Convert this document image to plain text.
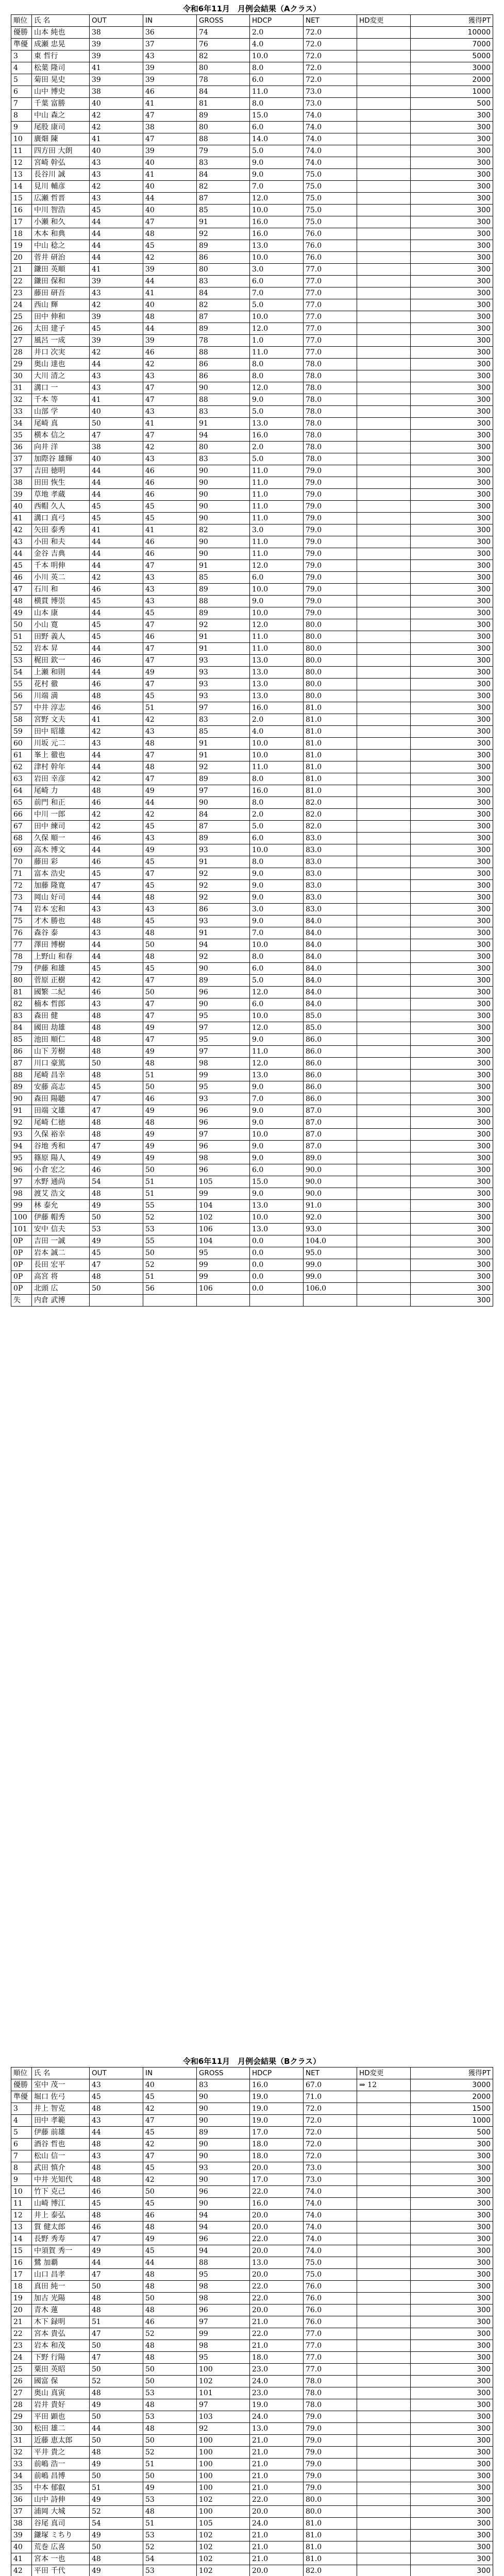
令和6年11月　月例会結果（Aクラス）
順位	氏 名	OUT	IN	GROSS	HDCP	NET	HD変更	獲得PT
優勝	山本 純也	38	36	74	2.0	72.0		10000
準優	成瀬 忠晃	39	37	76	4.0	72.0		7000
3	東 哲行	39	43	82	10.0	72.0		5000
4	松葉 隆司	41	39	80	8.0	72.0		3000
5	菊田 晃史	39	39	78	6.0	72.0		2000
6	山中 博史	38	46	84	11.0	73.0		1000
7	千葉 富勝	40	41	81	8.0	73.0		500
8	中山 森之	42	47	89	15.0	74.0		300
9	尾股 康司	42	38	80	6.0	74.0		300
10	廣畑 陳	41	47	88	14.0	74.0		300
11	四方田 大朗	40	39	79	5.0	74.0		300
12	宮崎 幹弘	43	40	83	9.0	74.0		300
13	長谷川 誠	43	41	84	9.0	75.0		300
14	見川 輔彦	42	40	82	7.0	75.0		300
15	広瀬 哲晋	43	44	87	12.0	75.0		300
16	中川 智浩	45	40	85	10.0	75.0		300
17	小瀬 和久	44	47	91	16.0	75.0		300
18	木本 和典	44	48	92	16.0	76.0		300
19	中山 稔之	44	45	89	13.0	76.0		300
20	菅井 研治	44	42	86	10.0	76.0		300
21	鎌田 英順	41	39	80	3.0	77.0		300
22	鎌田 保和	39	44	83	6.0	77.0		300
23	藤田 研吾	43	41	84	7.0	77.0		300
24	西山 輝	42	40	82	5.0	77.0		300
25	田中 伸和	39	48	87	10.0	77.0		300
26	太田 建子	45	44	89	12.0	77.0		300
27	風呂 一成	39	39	78	1.0	77.0		300
28	井口 次実	42	46	88	11.0	77.0		300
29	奥山 達也	44	42	86	8.0	78.0		300
30	大川 清之	43	43	86	8.0	78.0		300
31	溝口 一	43	47	90	12.0	78.0		300
32	千本 等	41	47	88	9.0	78.0		300
33	山部 学	40	43	83	5.0	78.0		300
34	尾崎 真	50	41	91	13.0	78.0		300
35	横本 信之	47	47	94	16.0	78.0		300
36	向井 洋	38	42	80	2.0	78.0		300
37	加際谷 雄輝	40	43	83	5.0	78.0		300
37	吉田 徳明	44	46	90	11.0	79.0		300
38	田田 恢生	44	46	90	11.0	79.0		300
39	草地 孝蔵	44	46	90	11.0	79.0		300
40	西帽 久人	45	45	90	11.0	79.0		300
41	溝口 真弓	45	45	90	11.0	79.0		300
42	矢田 泰秀	41	41	82	3.0	79.0		300
43	小田 和夫	44	46	90	11.0	79.0		300
44	金谷 吉典	44	46	90	11.0	79.0		300
45	千本 明伸	44	47	91	12.0	79.0		300
46	小川 英二	42	43	85	6.0	79.0		300
47	石川 和	46	43	89	10.0	79.0		300
48	横貫 博崇	45	43	88	9.0	79.0		300
49	山本 康	44	45	89	10.0	79.0		300
50	小山 寛	45	47	92	12.0	80.0		300
51	田野 義人	45	46	91	11.0	80.0		300
52	岩本 昇	44	47	91	11.0	80.0		300
53	梶田 欽一	46	47	93	13.0	80.0		300
54	上瀬 和則	44	49	93	13.0	80.0		300
55	花村 徹	46	47	93	13.0	80.0		300
56	川端 満	48	45	93	13.0	80.0		300
57	中井 淳志	46	51	97	16.0	81.0		300
58	宮野 文夫	41	42	83	2.0	81.0		300
59	田中 昭雄	42	43	85	4.0	81.0		300
60	川坂 元二	43	48	91	10.0	81.0		300
61	峯上 徹也	44	47	91	10.0	81.0		300
62	津村 幹年	44	48	92	11.0	81.0		300
63	岩田 幸彦	42	47	89	8.0	81.0		300
64	尾崎 力	48	49	97	16.0	81.0		300
65	前門 和正	46	44	90	8.0	82.0		300
66	中川 一郎	42	42	84	2.0	82.0		300
67	田中 練司	42	45	87	5.0	82.0		300
68	久保 順一	46	43	89	6.0	83.0		300
69	高木 博文	44	49	93	10.0	83.0		300
70	藤田 彩	46	45	91	8.0	83.0		300
71	富本 浩史	45	47	92	9.0	83.0		300
72	加藤 隆寛	47	45	92	9.0	83.0		300
73	岡山 好司	44	48	92	9.0	83.0		300
74	岩本 宏和	43	43	86	3.0	83.0		300
75	才木 勝也	48	45	93	9.0	84.0		300
76	森谷 泰	43	48	91	7.0	84.0		300
77	澤田 博樹	44	50	94	10.0	84.0		300
78	上野山 和春	44	48	92	8.0	84.0		300
79	伊藤 和雄	45	45	90	6.0	84.0		300
80	菅原 正樹	42	47	89	5.0	84.0		300
81	國繁 二紀	46	50	96	12.0	84.0		300
82	楠本 哲郎	43	47	90	6.0	84.0		300
83	森田 健	48	47	95	10.0	85.0		300
84	國田 劫雄	48	49	97	12.0	85.0		300
85	池田 順仁	48	47	95	9.0	86.0		300
86	山下 芳樹	48	49	97	11.0	86.0		300
87	川口 豪篤	50	48	98	12.0	86.0		300
88	尾崎 昌幸	48	51	99	13.0	86.0		300
89	安藤 高志	45	50	95	9.0	86.0		300
90	森田 陽聴	47	46	93	7.0	86.0		300
91	田端 文雄	47	49	96	9.0	87.0		300
92	尾崎 仁徳	48	48	96	9.0	87.0		300
93	久保 裕幸	48	49	97	10.0	87.0		300
94	谷地 秀和	47	49	96	9.0	87.0		300
95	篠原 陽人	49	49	98	9.0	89.0		300
96	小倉 宏之	46	50	96	6.0	90.0		300
97	水野 通尚	54	51	105	15.0	90.0		300
98	渡艾 浩文	48	51	99	9.0	90.0		300
99	林 泰允	49	55	104	13.0	91.0		300
100	伊藤 帽秀	50	52	102	10.0	92.0		300
101	安中 信夫	53	53	106	13.0	93.0		300
0P	吉田 一誠	49	55	104	0.0	104.0		300
0P	岩本 誠二	45	50	95	0.0	95.0		300
0P	長田 宏平	47	52	99	0.0	99.0		300
0P	高宮 将	48	51	99	0.0	99.0		300
0P	北頭 広	50	56	106	0.0	106.0		300
失	内倉 武博							300
令和6年11月　月例会結果（Bクラス）
順位	氏 名	OUT	IN	GROSS	HDCP	NET	HD変更	獲得PT
優勝	室中 茂一	43	40	83	16.0	67.0	⇒ 12	3000
準優	堀口 佐弓	45	45	90	19.0	71.0		2000
3	井上 智克	48	42	90	19.0	72.0		1500
4	田中 孝範	43	47	90	19.0	72.0		1000
5	伊藤 前雄	44	45	89	17.0	72.0		500
6	酒谷 哲也	48	42	90	18.0	72.0		300
7	松山 信一	43	47	90	18.0	72.0		300
8	武田 慎介	48	45	93	20.0	73.0		300
9	中井 光知代	48	42	90	17.0	73.0		300
10	竹下 克己	46	50	96	22.0	74.0		300
11	山崎 博江	45	45	90	16.0	74.0		300
12	井上 泰弘	48	46	94	20.0	74.0		300
13	質 健太郎	46	48	94	20.0	74.0		300
14	長野 秀寿	47	49	96	22.0	74.0		300
15	中須賀 秀一	49	45	94	20.0	74.0		300
16	鷺 加覇	44	44	88	13.0	75.0		300
17	山口 昌孝	47	48	95	20.0	75.0		300
18	真田 純一	50	48	98	22.0	76.0		300
19	加古 光陽	48	50	98	22.0	76.0		300
20	青木 蓮	48	48	96	20.0	76.0		300
21	木下 録明	51	46	97	21.0	76.0		300
22	宮本 貴弘	47	52	99	22.0	77.0		300
23	岩本 和茂	50	48	98	21.0	77.0		300
24	下野 行陽	47	48	95	18.0	77.0		300
25	粟田 英昭	50	50	100	23.0	77.0		300
26	國富 保	52	50	102	24.0	78.0		300
27	奥山 真寅	48	53	101	23.0	78.0		300
28	岩井 貴好	49	48	97	19.0	78.0		300
29	平田 顕也	50	53	103	24.0	79.0		300
30	松田 雄二	44	48	92	13.0	79.0		300
31	近藤 恵太郎	50	50	100	21.0	79.0		300
32	平井 貴之	48	52	100	21.0	79.0		300
33	前嶋 浩一	49	51	100	21.0	79.0		300
34	前嶋 昌博	50	50	100	21.0	79.0		300
35	中本 郁叡	51	49	100	21.0	79.0		300
36	山中 詩伸	49	53	102	22.0	80.0		300
37	浦岡 大城	52	48	100	20.0	80.0		300
38	谷尾 真司	54	51	105	24.0	81.0		300
39	鎌塚 ミちり	49	53	102	21.0	81.0		300
40	荒巻 広喜	50	52	102	21.0	81.0		300
41	宮本 一也	48	54	102	21.0	81.0		300
42	平田 千代	49	53	102	20.0	82.0		300
